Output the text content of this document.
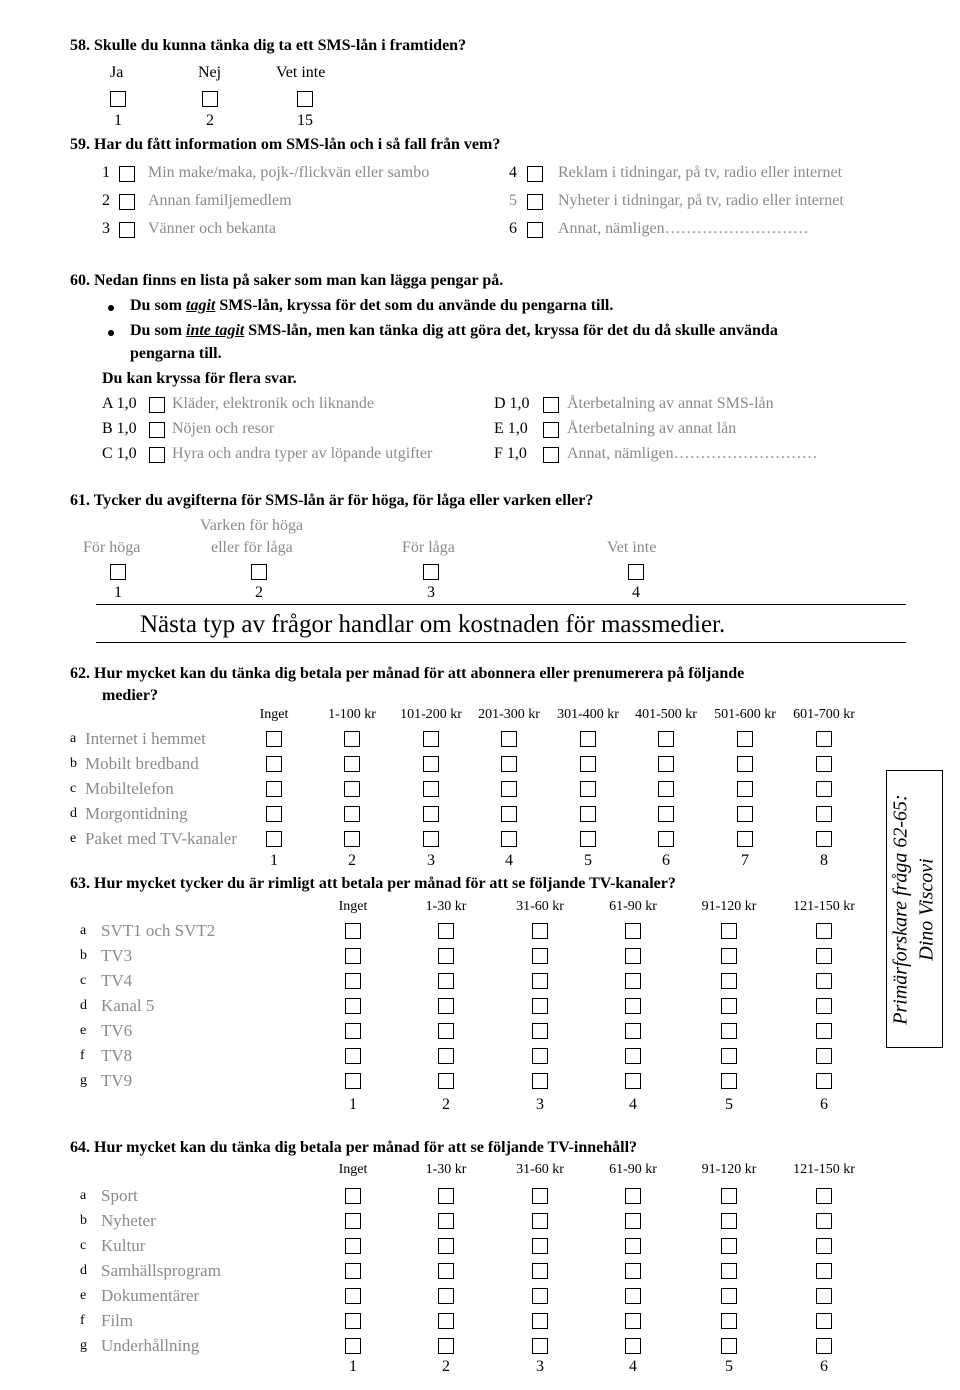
58. Skulle du kunna tänka dig ta ett SMS-lån i framtiden?
Ja	Nej	Vet inte
1	2	15
59. Har du fått information om SMS-lån och i så fall från vem?
1 Min make/maka, pojk-/flickvän eller sambo
2 Annan familjemedlem
3 Vänner och bekanta
4	Reklam i tidningar, på tv, radio eller internet
5	Nyheter i tidningar, på tv, radio eller internet
6	Annat, nämligen………………………
60. Nedan finns en lista på saker som man kan lägga pengar på.
Du som tagit SMS-lån, kryssa för det som du använde du pengarna till.
Du som inte tagit SMS-lån, men kan tänka dig att göra det, kryssa för det du då skulle använda
pengarna till.
Du kan kryssa för flera svar.
A 1,0 Kläder, elektronik och liknande
B 1,0 Nöjen och resor
C 1,0 Hyra och andra typer av löpande utgifter
D 1,0 Återbetalning av annat SMS-lån
E 1,0 Återbetalning av annat lån
F 1,0	Annat, nämligen………………………
61. Tycker du avgifterna för SMS-lån är för höga, för låga eller varken eller?
Varken för höga
För höga	eller för låga	För låga	Vet inte
1	2	3	4
Nästa typ av frågor handlar om kostnaden för massmedier.
62. Hur mycket kan du tänka dig betala per månad för att abonnera eller prenumerera på följande
medier?
Inget	1-100 kr	101-200 kr	201-300 kr	301-400 kr	401-500 kr	501-600 kr	601-700 kr
a Internet i hemmet
b Mobilt bredband
c Mobiltelefon
d Morgontidning
e Paket med TV-kanaler
1	2	3	4	5	6	7	8
63. Hur mycket tycker du är rimligt att betala per månad för att se följande TV-kanaler?
Inget	1-30 kr	31-60 kr	61-90 kr	91-120 kr	121-150 kr
a SVT1 och SVT2
b TV3
c TV4
d Kanal 5
e TV6
f TV8
g TV9
1	2	3	4	5	6
64. Hur mycket kan du tänka dig betala per månad för att se följande TV-innehåll?
Inget	1-30 kr	31-60 kr	61-90 kr	91-120 kr	121-150 kr
a Sport
b Nyheter
c Kultur
d Samhällsprogram
e Dokumentärer
f Film
g Underhållning
1	2	3	4	5	6
Primärforskare fråga 62-65: Dino Viscovi
